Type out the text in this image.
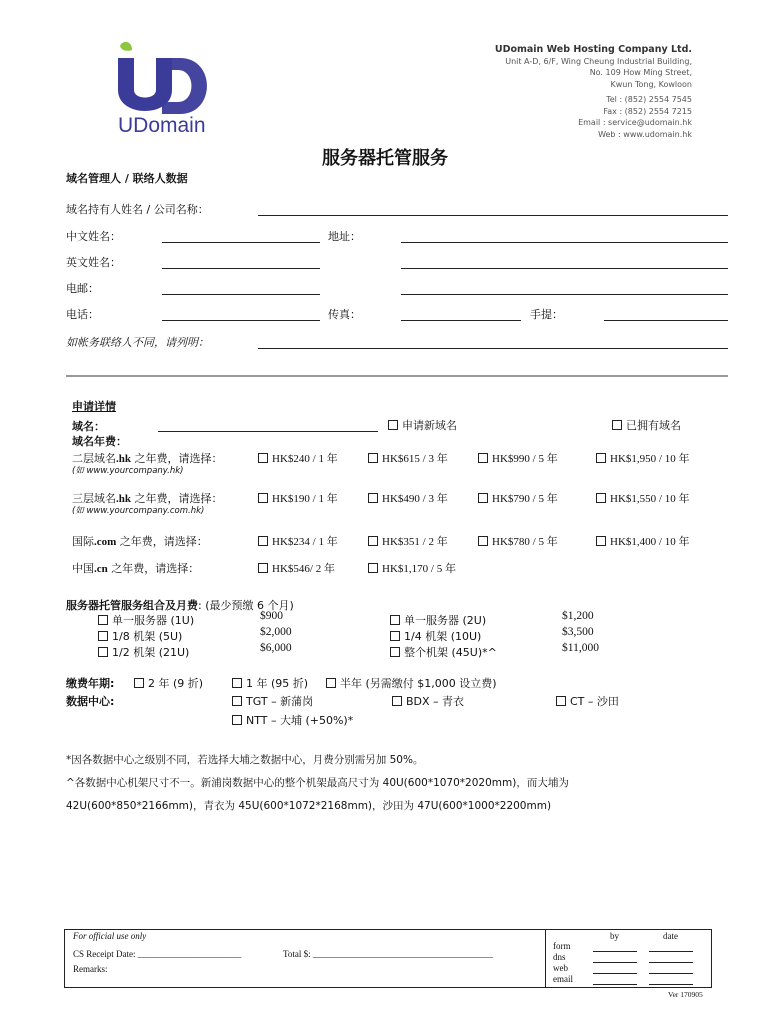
UDomain
UDomain Web Hosting Company Ltd.
Unit A-D, 6/F, Wing Cheung Industrial Building,
No. 109 How Ming Street,
Kwun Tong, Kowloon
Tel : (852) 2554 7545
Fax : (852) 2554 7215
Email : service@udomain.hk
Web : www.udomain.hk
服务器托管服务
域名管理人 / 联络人数据
域名持有人姓名 / 公司名称：
中文姓名：	地址：
英文姓名：
电邮：
电话：	传真：	手提：
如帐务联络人不同，请列明：
申请详情
域名：	申请新域名	已拥有域名
域名年费：
二层域名.hk 之年费，请选择：
(如 www.yourcompany.hk)
HK$240 / 1 年	HK$615 / 3 年	HK$990 / 5 年	HK$1,950 / 10 年
三层域名.hk 之年费，请选择：
(如 www.yourcompany.com.hk)
HK$190 / 1 年	HK$490 / 3 年	HK$790 / 5 年	HK$1,550 / 10 年
国际.com 之年费，请选择：	HK$234 / 1 年	HK$351 / 2 年	HK$780 / 5 年	HK$1,400 / 10 年
中国.cn 之年费，请选择：	HK$546/ 2 年	HK$1,170 / 5 年
服务器托管服务组合及月费: (最少预缴 6 个月)
单一服务器 (1U)	$900
1/8 机架 (5U)	$2,000
1/2 机架 (21U)	$6,000
单一服务器 (2U)	$1,200
1/4 机架 (10U)	$3,500
整个机架 (45U)*^	$11,000
缴费年期:	2 年 (9 折)	1 年 (95 折)	半年 (另需缴付 $1,000 设立费)
数据中心:	TGT – 新蒲岗	BDX – 青衣	CT – 沙田
NTT – 大埔 (+50%)*
*因各数据中心之级别不同，若选择大埔之数据中心，月费分别需另加 50%。
^各数据中心机架尺寸不一。新浦岗数据中心的整个机架最高尺寸为 40U(600*1070*2020mm)，而大埔为
42U(600*850*2166mm)，青衣为 45U(600*1072*2168mm)，沙田为 47U(600*1000*2200mm)
For official use only
CS Receipt Date: _______________________	Total $: ________________________________________
Remarks:
by	date
form
dns
web
email
Ver 170905
